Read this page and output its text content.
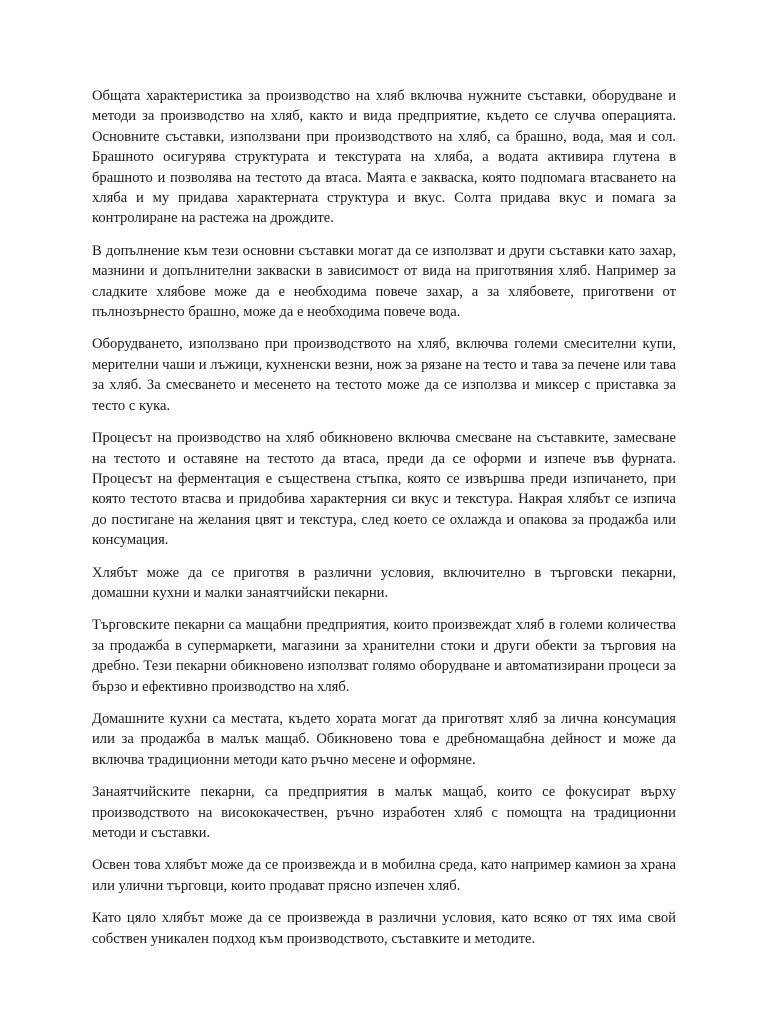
Общата характеристика за производство на хляб включва нужните съставки, оборудване и методи за производство на хляб, както и вида предприятие, където се случва операцията. Основните съставки, използвани при производството на хляб, са брашно, вода, мая и сол. Брашното осигурява структурата и текстурата на хляба, а водата активира глутена в брашното и позволява на тестото да втаса. Маята е закваска, която подпомага втасването на хляба и му придава характерната структура и вкус. Солта придава вкус и помага за контролиране на растежа на дрождите.

В допълнение към тези основни съставки могат да се използват и други съставки като захар, мазнини и допълнителни закваски в зависимост от вида на приготвяния хляб. Например за сладките хлябове може да е необходима повече захар, а за хлябовете, приготвени от пълнозърнесто брашно, може да е необходима повече вода.

Оборудването, използвано при производството на хляб, включва големи смесителни купи, мерителни чаши и лъжици, кухненски везни, нож за рязане на тесто и тава за печене или тава за хляб. За смесването и месенето на тестото може да се използва и миксер с приставка за тесто с кука.

Процесът на производство на хляб обикновено включва смесване на съставките, замесване на тестото и оставяне на тестото да втаса, преди да се оформи и изпече във фурната. Процесът на ферментация е съществена стъпка, която се извършва преди изпичането, при която тестото втасва и придобива характерния си вкус и текстура. Накрая хлябът се изпича до постигане на желания цвят и текстура, след което се охлажда и опакова за продажба или консумация.

Хлябът може да се приготвя в различни условия, включително в търговски пекарни, домашни кухни и малки занаятчийски пекарни.

Търговските пекарни са мащабни предприятия, които произвеждат хляб в големи количества за продажба в супермаркети, магазини за хранителни стоки и други обекти за търговия на дребно. Тези пекарни обикновено използват голямо оборудване и автоматизирани процеси за бързо и ефективно производство на хляб.

Домашните кухни са местата, където хората могат да приготвят хляб за лична консумация или за продажба в малък мащаб. Обикновено това е дребномащабна дейност и може да включва традиционни методи като ръчно месене и оформяне.

Занаятчийските пекарни, са предприятия в малък мащаб, които се фокусират върху производството на висококачествен, ръчно изработен хляб с помощта на традиционни методи и съставки.

Освен това хлябът може да се произвежда и в мобилна среда, като например камион за храна или улични търговци, които продават прясно изпечен хляб.

Като цяло хлябът може да се произвежда в различни условия, като всяко от тях има свой собствен уникален подход към производството, съставките и методите.
